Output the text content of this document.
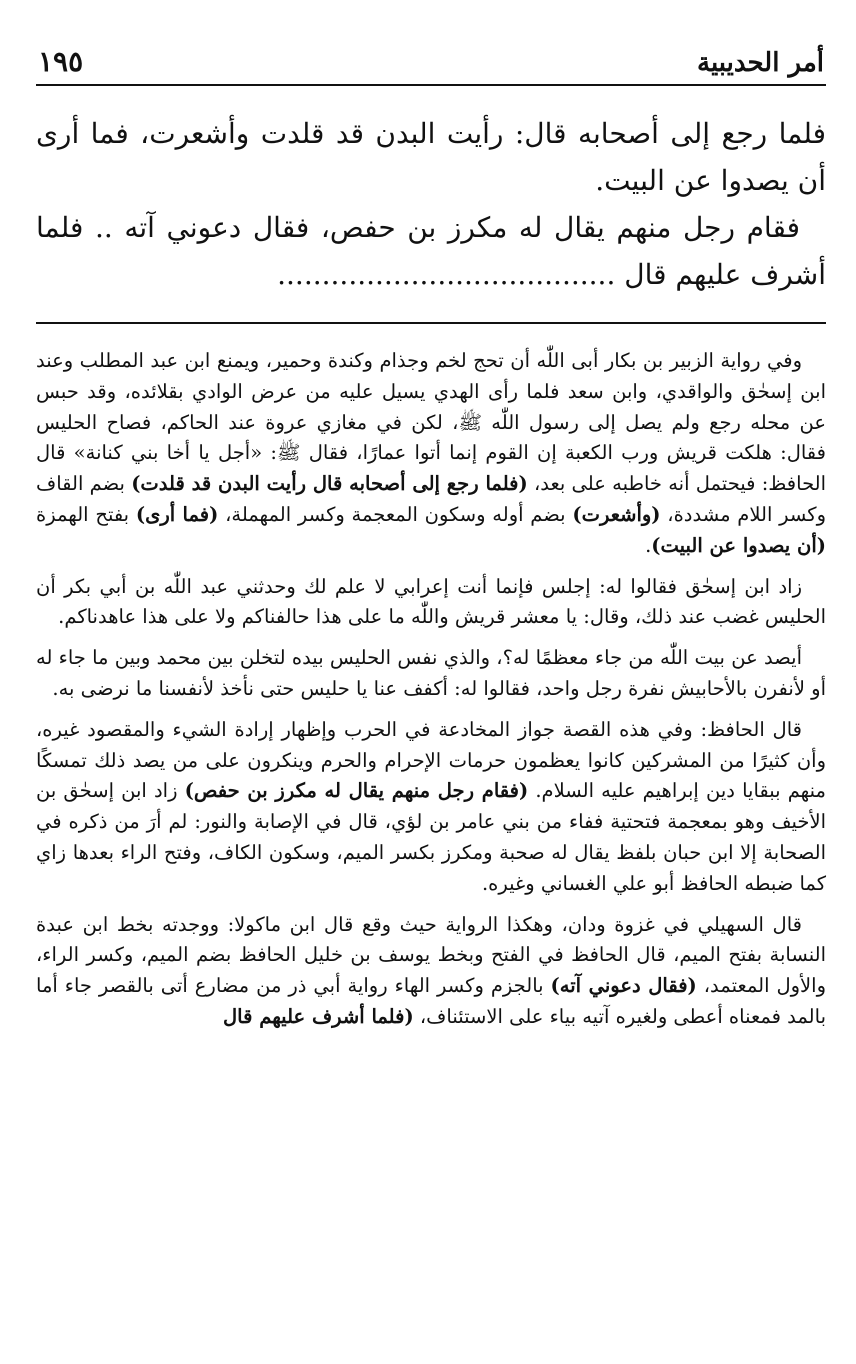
أمر الحديبية
١٩٥

فلما رجع إلى أصحابه قال: رأيت البدن قد قلدت وأشعرت، فما أرى أن يصدوا عن البيت.

فقام رجل منهم يقال له مكرز بن حفص، فقال دعوني آته .. فلما أشرف عليهم قال ......................................

وفي رواية الزبير بن بكار أبى اللّٰه أن تحج لخم وجذام وكندة وحمير، ويمنع ابن عبد المطلب وعند ابن إسحٰق والواقدي، وابن سعد فلما رأى الهدي يسيل عليه من عرض الوادي بقلائده، وقد حبس عن محله رجع ولم يصل إلى رسول اللّٰه ﷺ، لكن في مغازي عروة عند الحاكم، فصاح الحليس فقال: هلكت قريش ورب الكعبة إن القوم إنما أتوا عمارًا، فقال ﷺ: «أجل يا أخا بني كنانة» قال الحافظ: فيحتمل أنه خاطبه على بعد، (فلما رجع إلى أصحابه قال رأيت البدن قد قلدت) بضم القاف وكسر اللام مشددة، (وأشعرت) بضم أوله وسكون المعجمة وكسر المهملة، (فما أرى) بفتح الهمزة (أن يصدوا عن البيت).

زاد ابن إسحٰق فقالوا له: إجلس فإنما أنت إعرابي لا علم لك وحدثني عبد اللّٰه بن أبي بكر أن الحليس غضب عند ذلك، وقال: يا معشر قريش واللّٰه ما على هذا حالفناكم ولا على هذا عاهدناكم.

أيصد عن بيت اللّٰه من جاء معظمًا له؟، والذي نفس الحليس بيده لتخلن بين محمد وبين ما جاء له أو لأنفرن بالأحابيش نفرة رجل واحد، فقالوا له: أكفف عنا يا حليس حتى نأخذ لأنفسنا ما نرضى به.

قال الحافظ: وفي هذه القصة جواز المخادعة في الحرب وإظهار إرادة الشيء والمقصود غيره، وأن كثيرًا من المشركين كانوا يعظمون حرمات الإحرام والحرم وينكرون على من يصد ذلك تمسكًا منهم ببقايا دين إبراهيم عليه السلام. (فقام رجل منهم يقال له مكرز بن حفص) زاد ابن إسحٰق بن الأخيف وهو بمعجمة فتحتية ففاء من بني عامر بن لؤي، قال في الإصابة والنور: لم أرَ من ذكره في الصحابة إلا ابن حبان بلفظ يقال له صحبة ومكرز بكسر الميم، وسكون الكاف، وفتح الراء بعدها زاي كما ضبطه الحافظ أبو علي الغساني وغيره.

قال السهيلي في غزوة ودان، وهكذا الرواية حيث وقع قال ابن ماكولا: ووجدته بخط ابن عبدة النسابة بفتح الميم، قال الحافظ في الفتح وبخط يوسف بن خليل الحافظ بضم الميم، وكسر الراء، والأول المعتمد، (فقال دعوني آته) بالجزم وكسر الهاء رواية أبي ذر من مضارع أتى بالقصر جاء أما بالمد فمعناه أعطى ولغيره آتيه بياء على الاستئناف، (فلما أشرف عليهم قال
